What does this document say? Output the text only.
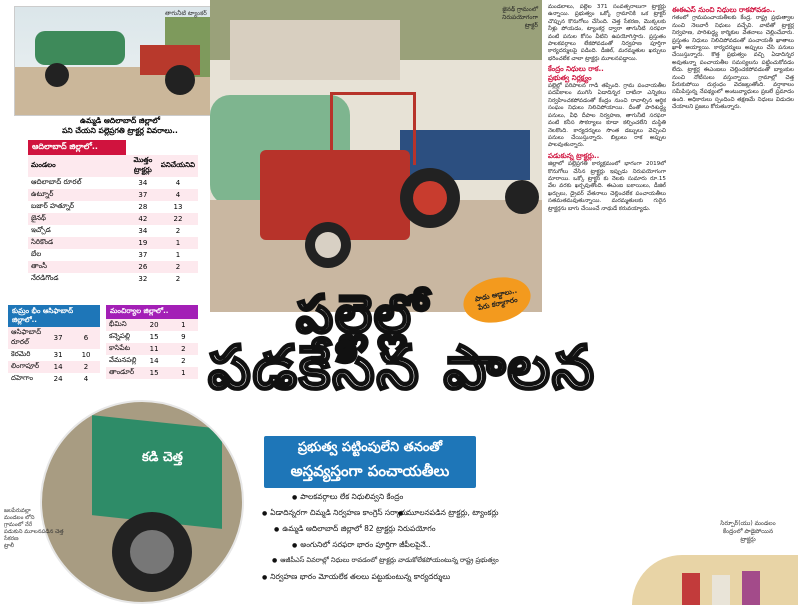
తాగునీటి ట్యాంకర్
ఉమ్మడి ఆదిలాబాద్ జిల్లాలో
పని చేయని పల్లెప్రగతి ట్రాక్టర్ల వివరాలు..
ఆదిలాబాద్ జిల్లాలో..
మండలం	మొత్తం ట్రాక్టర్లు	పనిచేయనివి
ఆదిలాబాద్ రూరల్	34	4
ఉట్నూర్	37	4
బజార్ హత్నూర్	28	13
జైనథ్	42	22
ఇచ్చోడ	34	2
సిరికొండ	19	1
బేల	37	1
తాంసీ	26	2
నేరడిగొండ	32	2
కుమ్రం భీం ఆసిఫాబాద్ జిల్లాలో..
ఆసిఫాబాద్ రూరల్	37	6
కెరమెరి	31	10
లింగాపూర్	14	2
దహెగాం	24	4
మంచిర్యాల జిల్లాలో..
భీమిని	20	1
కన్నెపల్లి	15	9
కాసిపేట	11	2
వేమనపల్లి	14	2
తాండూర్	15	1
జైనథ్ గ్రామంలో
నిరుపయోగంగా
ట్రాక్టర్
పాడు అద్దాలు..
పేరు కర్మాగారం
పల్లెల్లో
పడకేసిన పాలన
ప్రభుత్వ పట్టింపులేని తనంతో
అస్తవ్యస్తంగా పంచాయతీలు
● పాలకవర్గాలు లేక నిధులివ్వని కేంద్రం
● ఏడాదిన్నరగా చిమ్మడి నిర్వహణ కాంగ్రెస్ సర్కారు
● మూలనపడిన ట్రాక్టర్లు, ట్యాంకర్లు
● ఉమ్మడి ఆదిలాబాద్ జిల్లాలో 82 ట్రాక్టర్లు నిరుపయోగం
● అంగునిలో సరఫరా భారం పూర్తిగా జీపీలపైనే..
● ఆజీపీఎస్ వివరాల్లో నిధులు రావడంలో ట్రాక్టర్లు వాడుకోలేకపోయంటున్న రాష్ట్ర ప్రభుత్వం
● నిర్వహణ భారం మోయలేక తలలు పట్టుకుంటున్న కార్యదర్శులు
కడి చెత్త
జలపేరువల్లా
మండలం లోని
గ్రామంలో నేరే
పడుకుని మూలనపడిన చెత్త సేకరణ
ట్రాలీ
మండలాలు, పల్లెల 371 సంవత్సరాలుగా ట్రాక్టర్లు ఉన్నాయి. ప్రభుత్వం ఒక్కో గ్రామానికి ఒక ట్రాక్టర్ చొప్పున కొనుగోలు చేసింది. చెత్త సేకరణ, మొక్కలకు నీళ్లు పోయడం, ట్యాంకర్ల ద్వారా తాగునీటి సరఫరా వంటి పనుల కోసం వీటిని ఉపయోగిస్తారు. ప్రస్తుతం పాలకవర్గాలు లేకపోవడంతో నిర్వహణ పూర్తిగా కార్యదర్శులపై పడింది. డీజిల్, మరమ్మతుల ఖర్చులు భరించలేక చాలా ట్రాక్టర్లు మూలనపడ్డాయి.
కేంద్రం నిధులు రాక..
ప్రభుత్వ నిర్లక్ష్యం
పల్లెల్లో పరిపాలన గాడి తప్పింది. గ్రామ పంచాయతీల పదవీకాలం ముగిసి ఏడాదిన్నర దాటినా ఎన్నికలు నిర్వహించకపోవడంతో కేంద్రం నుంచి రావాల్సిన ఆర్థిక సంఘం నిధులు నిలిచిపోయాయి. దీంతో పారిశుద్ధ్య పనులు, వీధి దీపాల నిర్వహణ, తాగునీటి సరఫరా వంటి కనీస సౌకర్యాలు కూడా కల్పించలేని దుస్థితి నెలకొంది. కార్యదర్శులు సొంత డబ్బులు వెచ్చించి పనులు చేయిస్తున్నారు. బిల్లులు రాక అప్పుల పాలవుతున్నారు.
పడుకున్న ట్రాక్టర్లు..
జిల్లాలో పల్లెప్రగతి కార్యక్రమంలో భాగంగా 2019లో కొనుగోలు చేసిన ట్రాక్టర్లు ఇప్పుడు నిరుపయోగంగా మారాయి. ఒక్కో ట్రాక్టర్ కు నెలకు సుమారు రూ.15 వేల వరకు ఖర్చవుతోంది. ఈఎంఐ బకాయిలు, డీజిల్ ఖర్చులు, డ్రైవర్ వేతనాలు చెల్లించలేక పంచాయతీలు సతమతమవుతున్నాయి. మరమ్మతులకు గురైన ట్రాక్టర్లను బాగు చేయించే నాథుడే కరువయ్యాడు.
ఈఈఎస్ నుంచి నిధులు రాకపోవడం..
గతంలో గ్రామపంచాయతీలకు కేంద్ర, రాష్ట్ర ప్రభుత్వాల నుంచి నెలవారీ నిధులు వచ్చేవి. వాటితో ట్రాక్టర్ల నిర్వహణ, పారిశుద్ధ్య కార్మికుల వేతనాలు చెల్లించేవారు. ప్రస్తుతం నిధులు నిలిచిపోవడంతో పంచాయతీ ఖాతాలు ఖాళీ అయ్యాయి. కార్యదర్శులు అప్పులు చేసి పనులు చేయిస్తున్నారు. కొత్త ప్రభుత్వం వచ్చి ఏడాదిన్నర అవుతున్నా పంచాయతీల సమస్యలను పట్టించుకోవడం లేదు. ట్రాక్టర్ల ఈఎంఐలు చెల్లించకపోవడంతో బ్యాంకుల నుంచి నోటీసులు వస్తున్నాయి. గ్రామాల్లో చెత్త పేరుకుపోయి దుర్గంధం వెదజల్లుతోంది. వర్షాకాలం సమీపిస్తున్న నేపథ్యంలో అంటువ్యాధులు ప్రబలే ప్రమాదం ఉంది. అధికారులు స్పందించి తక్షణమే నిధులు విడుదల చేయాలని ప్రజలు కోరుతున్నారు.
సిర్పూర్(యు) మండలం
కేంద్రంలో పాడైపోయిన
ట్రాక్టర్లు
